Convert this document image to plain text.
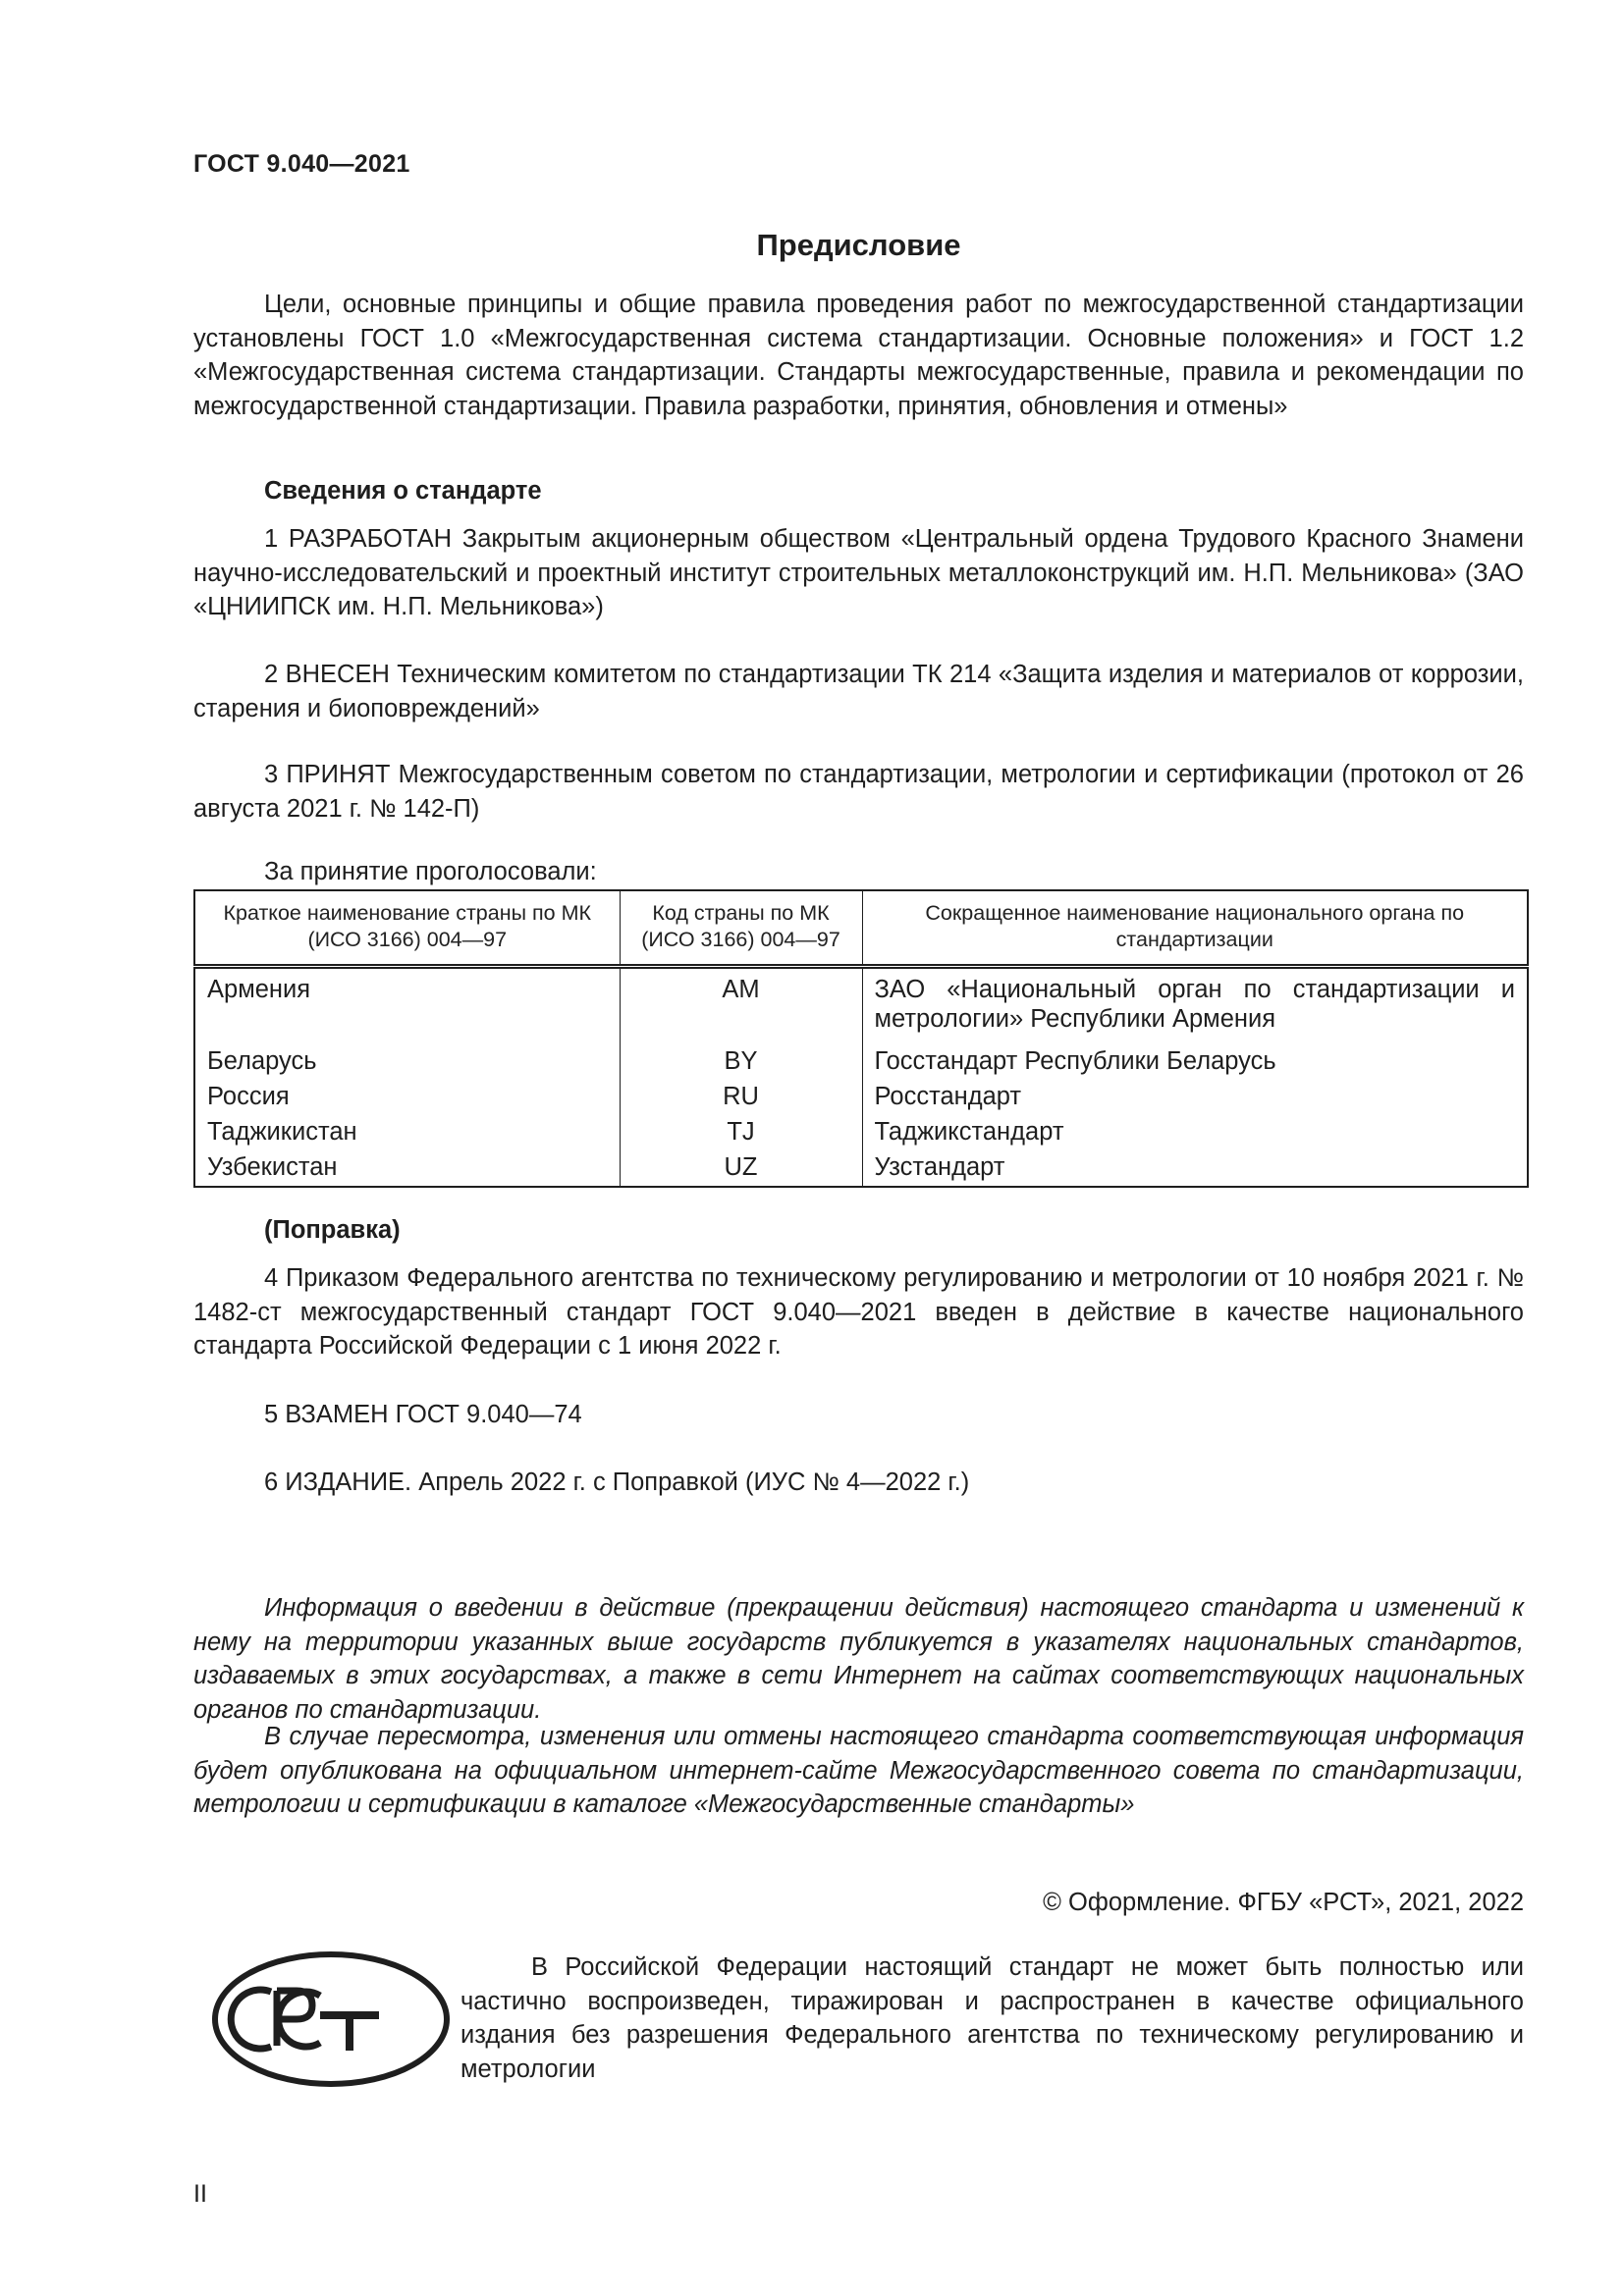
ГОСТ 9.040—2021
Предисловие

Цели, основные принципы и общие правила проведения работ по межгосударственной стандартизации установлены ГОСТ 1.0 «Межгосударственная система стандартизации. Основные положения» и ГОСТ 1.2 «Межгосударственная система стандартизации. Стандарты межгосударственные, правила и рекомендации по межгосударственной стандартизации. Правила разработки, принятия, обновления и отмены»

Сведения о стандарте

1 РАЗРАБОТАН Закрытым акционерным обществом «Центральный ордена Трудового Красного Знамени научно-исследовательский и проектный институт строительных металлоконструкций им. Н.П. Мельникова» (ЗАО «ЦНИИПСК им. Н.П. Мельникова»)

2 ВНЕСЕН Техническим комитетом по стандартизации ТК 214 «Защита изделия и материалов от коррозии, старения и биоповреждений»

3 ПРИНЯТ Межгосударственным советом по стандартизации, метрологии и сертификации (протокол от 26 августа 2021 г. № 142-П)

За принятие проголосовали:

Краткое наименование страны по МК (ИСО 3166) 004—97	Код страны по МК (ИСО 3166) 004—97	Сокращенное наименование национального органа по стандартизации
Армения	AM	ЗАО «Национальный орган по стандартизации и метрологии» Республики Армения
Беларусь	BY	Госстандарт Республики Беларусь
Россия	RU	Росстандарт
Таджикистан	TJ	Таджикстандарт
Узбекистан	UZ	Узстандарт

(Поправка)

4 Приказом Федерального агентства по техническому регулированию и метрологии от 10 ноября 2021 г. № 1482-ст межгосударственный стандарт ГОСТ 9.040—2021 введен в действие в качестве национального стандарта Российской Федерации с 1 июня 2022 г.

5 ВЗАМЕН ГОСТ 9.040—74

6 ИЗДАНИЕ. Апрель 2022 г. с Поправкой (ИУС № 4—2022 г.)

Информация о введении в действие (прекращении действия) настоящего стандарта и изменений к нему на территории указанных выше государств публикуется в указателях национальных стандартов, издаваемых в этих государствах, а также в сети Интернет на сайтах соответствующих национальных органов по стандартизации.

В случае пересмотра, изменения или отмены настоящего стандарта соответствующая информация будет опубликована на официальном интернет-сайте Межгосударственного совета по стандартизации, метрологии и сертификации в каталоге «Межгосударственные стандарты»

© Оформление. ФГБУ «РСТ», 2021, 2022

В Российской Федерации настоящий стандарт не может быть полностью или частично воспроизведен, тиражирован и распространен в качестве официального издания без разрешения Федерального агентства по техническому регулированию и метрологии

II
